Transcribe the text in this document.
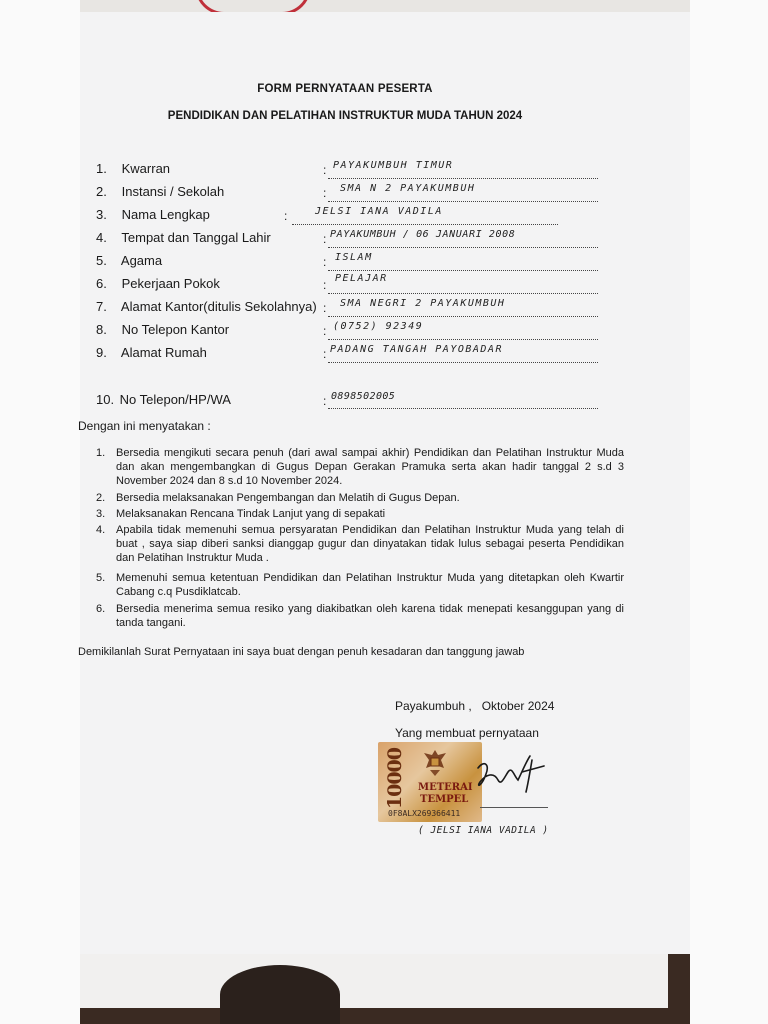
FORM PERNYATAAN PESERTA
PENDIDIKAN DAN PELATIHAN INSTRUKTUR MUDA TAHUN 2024
1. Kwarran	: PAYAKUMBUH TIMUR
2. Instansi / Sekolah	: SMA N 2 PAYAKUMBUH
3. Nama Lengkap	:	JELSI IANA VADILA
4. Tempat dan Tanggal Lahir	: PAYAKUMBUH / 06 JANUARI 2008
5. Agama	: ISLAM
6. Pekerjaan Pokok	: PELAJAR
7. Alamat Kantor(ditulis Sekolahnya) : SMA NEGRI 2 PAYAKUMBUH
8. No Telepon Kantor	: (0752) 92349
9. Alamat Rumah	: PADANG TANGAH PAYOBADAR
10. No Telepon/HP/WA	: 0898502005
Dengan ini menyatakan :
1. Bersedia mengikuti secara penuh (dari awal sampai akhir) Pendidikan dan Pelatihan Instruktur Muda dan akan mengembangkan di Gugus Depan Gerakan Pramuka serta akan hadir tanggal 2 s.d 3 November 2024 dan 8 s.d 10 November 2024.
2. Bersedia melaksanakan Pengembangan dan Melatih di Gugus Depan.
3. Melaksanakan Rencana Tindak Lanjut yang di sepakati
4. Apabila tidak memenuhi semua persyaratan Pendidikan dan Pelatihan Instruktur Muda yang telah di buat , saya siap diberi sanksi dianggap gugur dan dinyatakan tidak lulus sebagai peserta Pendidikan dan Pelatihan Instruktur Muda .
5. Memenuhi semua ketentuan Pendidikan dan Pelatihan Instruktur Muda yang ditetapkan oleh Kwartir Cabang c.q Pusdiklatcab.
6. Bersedia menerima semua resiko yang diakibatkan oleh karena tidak menepati kesanggupan yang di tanda tangani.
Demikilanlah Surat Pernyataan ini saya buat dengan penuh kesadaran dan tanggung jawab
Payakumbuh ,   Oktober 2024
Yang membuat pernyataan
10000 METERAI
TEMPEL
0F8ALX269366411
( JELSI IANA VADILA )
